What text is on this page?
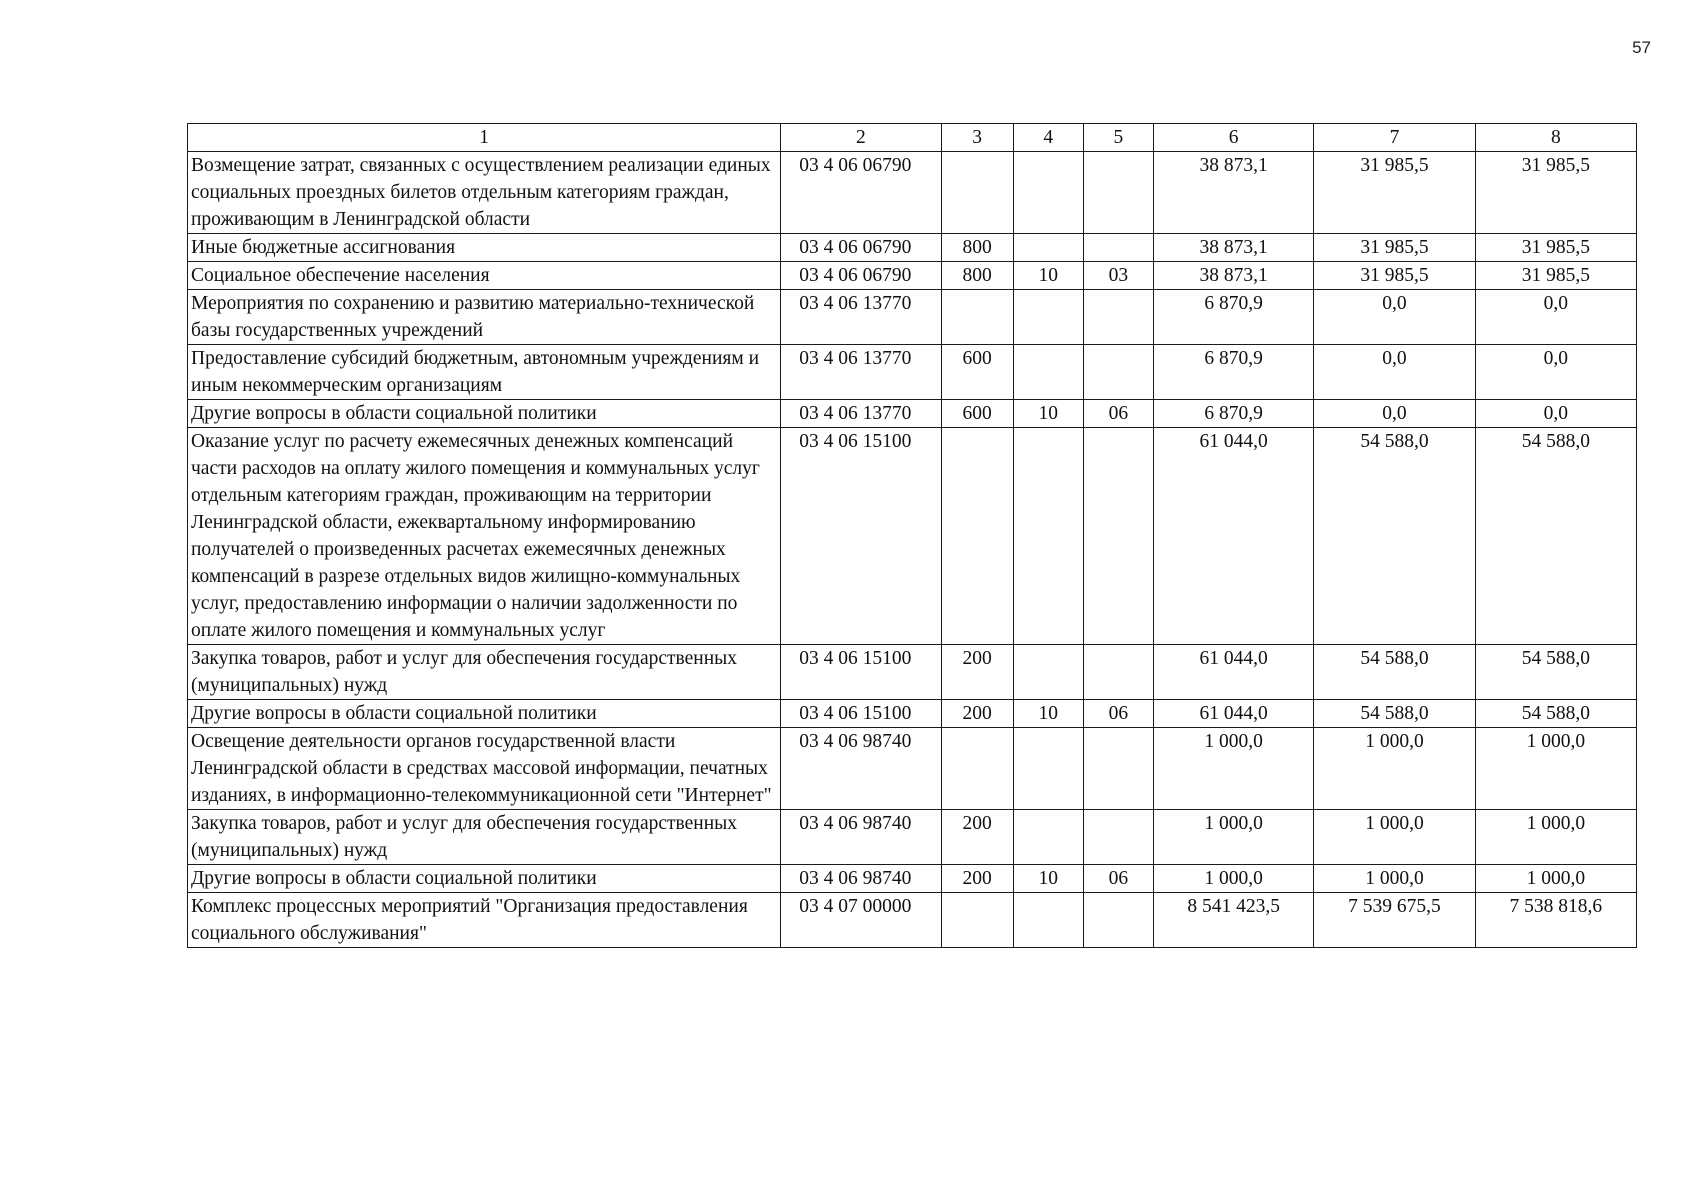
57
1	2	3	4	5	6	7	8
Возмещение затрат, связанных с осуществлением реализации единых социальных проездных билетов отдельным категориям граждан, проживающим в Ленинградской области	03 4 06 06790				38 873,1	31 985,5	31 985,5
Иные бюджетные ассигнования	03 4 06 06790	800			38 873,1	31 985,5	31 985,5
Социальное обеспечение населения	03 4 06 06790	800	10	03	38 873,1	31 985,5	31 985,5
Мероприятия по сохранению и развитию материально-технической базы государственных учреждений	03 4 06 13770				6 870,9	0,0	0,0
Предоставление субсидий бюджетным, автономным учреждениям и иным некоммерческим организациям	03 4 06 13770	600			6 870,9	0,0	0,0
Другие вопросы в области социальной политики	03 4 06 13770	600	10	06	6 870,9	0,0	0,0
Оказание услуг по расчету ежемесячных денежных компенсаций части расходов на оплату жилого помещения и коммунальных услуг отдельным категориям граждан, проживающим на территории Ленинградской области, ежеквартальному информированию получателей о произведенных расчетах ежемесячных денежных компенсаций в разрезе отдельных видов жилищно-коммунальных услуг, предоставлению информации о наличии задолженности по оплате жилого помещения и коммунальных услуг	03 4 06 15100				61 044,0	54 588,0	54 588,0
Закупка товаров, работ и услуг для обеспечения государственных (муниципальных) нужд	03 4 06 15100	200			61 044,0	54 588,0	54 588,0
Другие вопросы в области социальной политики	03 4 06 15100	200	10	06	61 044,0	54 588,0	54 588,0
Освещение деятельности органов государственной власти Ленинградской области в средствах массовой информации, печатных изданиях, в информационно-телекоммуникационной сети "Интернет"	03 4 06 98740				1 000,0	1 000,0	1 000,0
Закупка товаров, работ и услуг для обеспечения государственных (муниципальных) нужд	03 4 06 98740	200			1 000,0	1 000,0	1 000,0
Другие вопросы в области социальной политики	03 4 06 98740	200	10	06	1 000,0	1 000,0	1 000,0
Комплекс процессных мероприятий "Организация предоставления социального обслуживания"	03 4 07 00000				8 541 423,5	7 539 675,5	7 538 818,6
